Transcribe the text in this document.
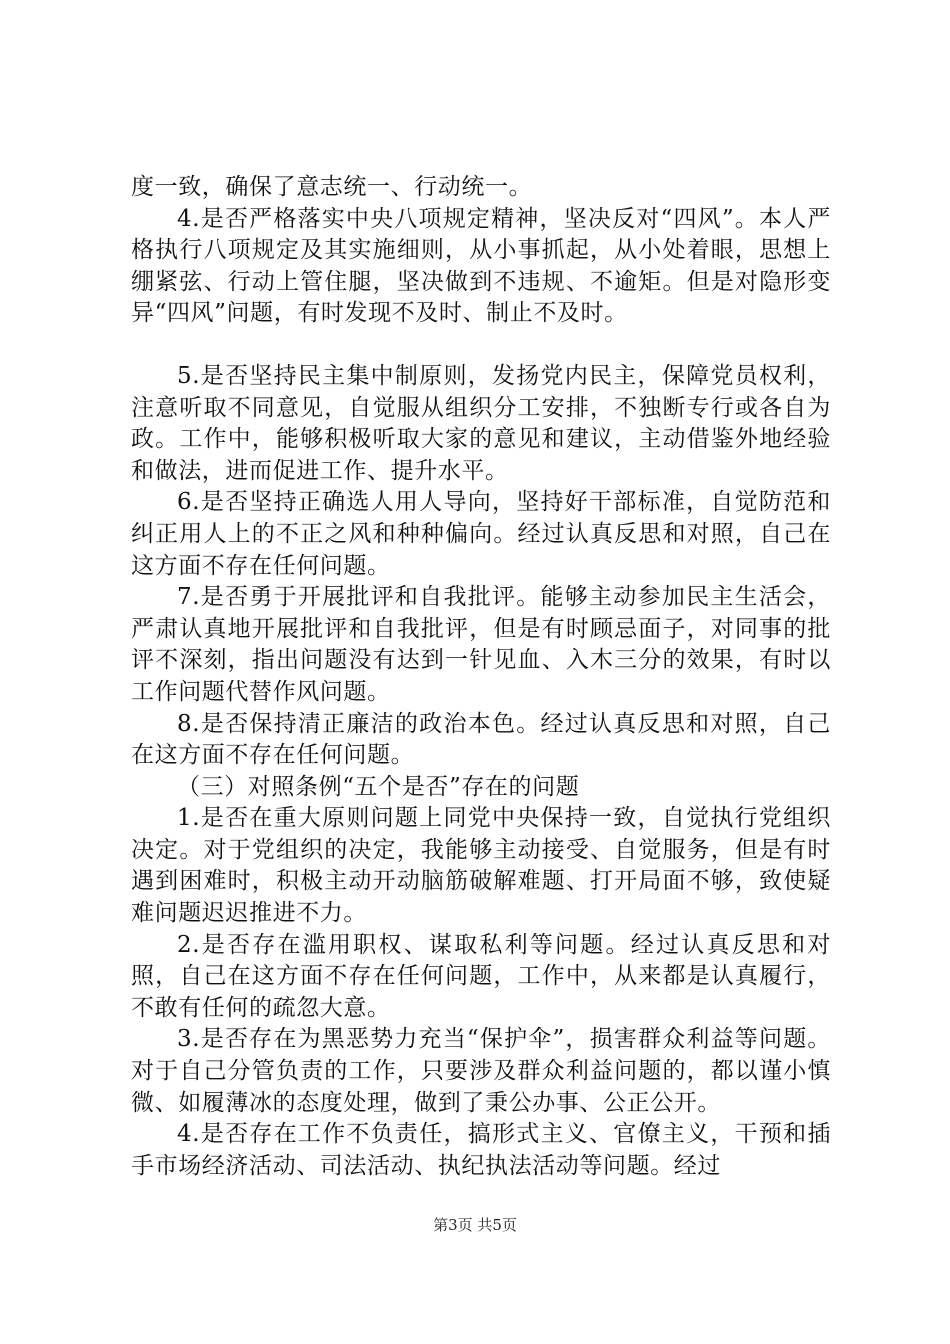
度一致，确保了意志统一、行动统一。

4.是否严格落实中央八项规定精神，坚决反对“四风”。本人严格执行八项规定及其实施细则，从小事抓起，从小处着眼，思想上绷紧弦、行动上管住腿，坚决做到不违规、不逾矩。但是对隐形变异“四风”问题，有时发现不及时、制止不及时。

5.是否坚持民主集中制原则，发扬党内民主，保障党员权利，注意听取不同意见，自觉服从组织分工安排，不独断专行或各自为政。工作中，能够积极听取大家的意见和建议，主动借鉴外地经验和做法，进而促进工作、提升水平。

6.是否坚持正确选人用人导向，坚持好干部标准，自觉防范和纠正用人上的不正之风和种种偏向。经过认真反思和对照，自己在这方面不存在任何问题。

7.是否勇于开展批评和自我批评。能够主动参加民主生活会，严肃认真地开展批评和自我批评，但是有时顾忌面子，对同事的批评不深刻，指出问题没有达到一针见血、入木三分的效果，有时以工作问题代替作风问题。

8.是否保持清正廉洁的政治本色。经过认真反思和对照，自己在这方面不存在任何问题。

（三）对照条例“五个是否”存在的问题

1.是否在重大原则问题上同党中央保持一致，自觉执行党组织决定。对于党组织的决定，我能够主动接受、自觉服务，但是有时遇到困难时，积极主动开动脑筋破解难题、打开局面不够，致使疑难问题迟迟推进不力。

2.是否存在滥用职权、谋取私利等问题。经过认真反思和对照，自己在这方面不存在任何问题，工作中，从来都是认真履行，不敢有任何的疏忽大意。

3.是否存在为黑恶势力充当“保护伞”，损害群众利益等问题。对于自己分管负责的工作，只要涉及群众利益问题的，都以谨小慎微、如履薄冰的态度处理，做到了秉公办事、公正公开。

4.是否存在工作不负责任，搞形式主义、官僚主义，干预和插手市场经济活动、司法活动、执纪执法活动等问题。经过

第3页 共5页
